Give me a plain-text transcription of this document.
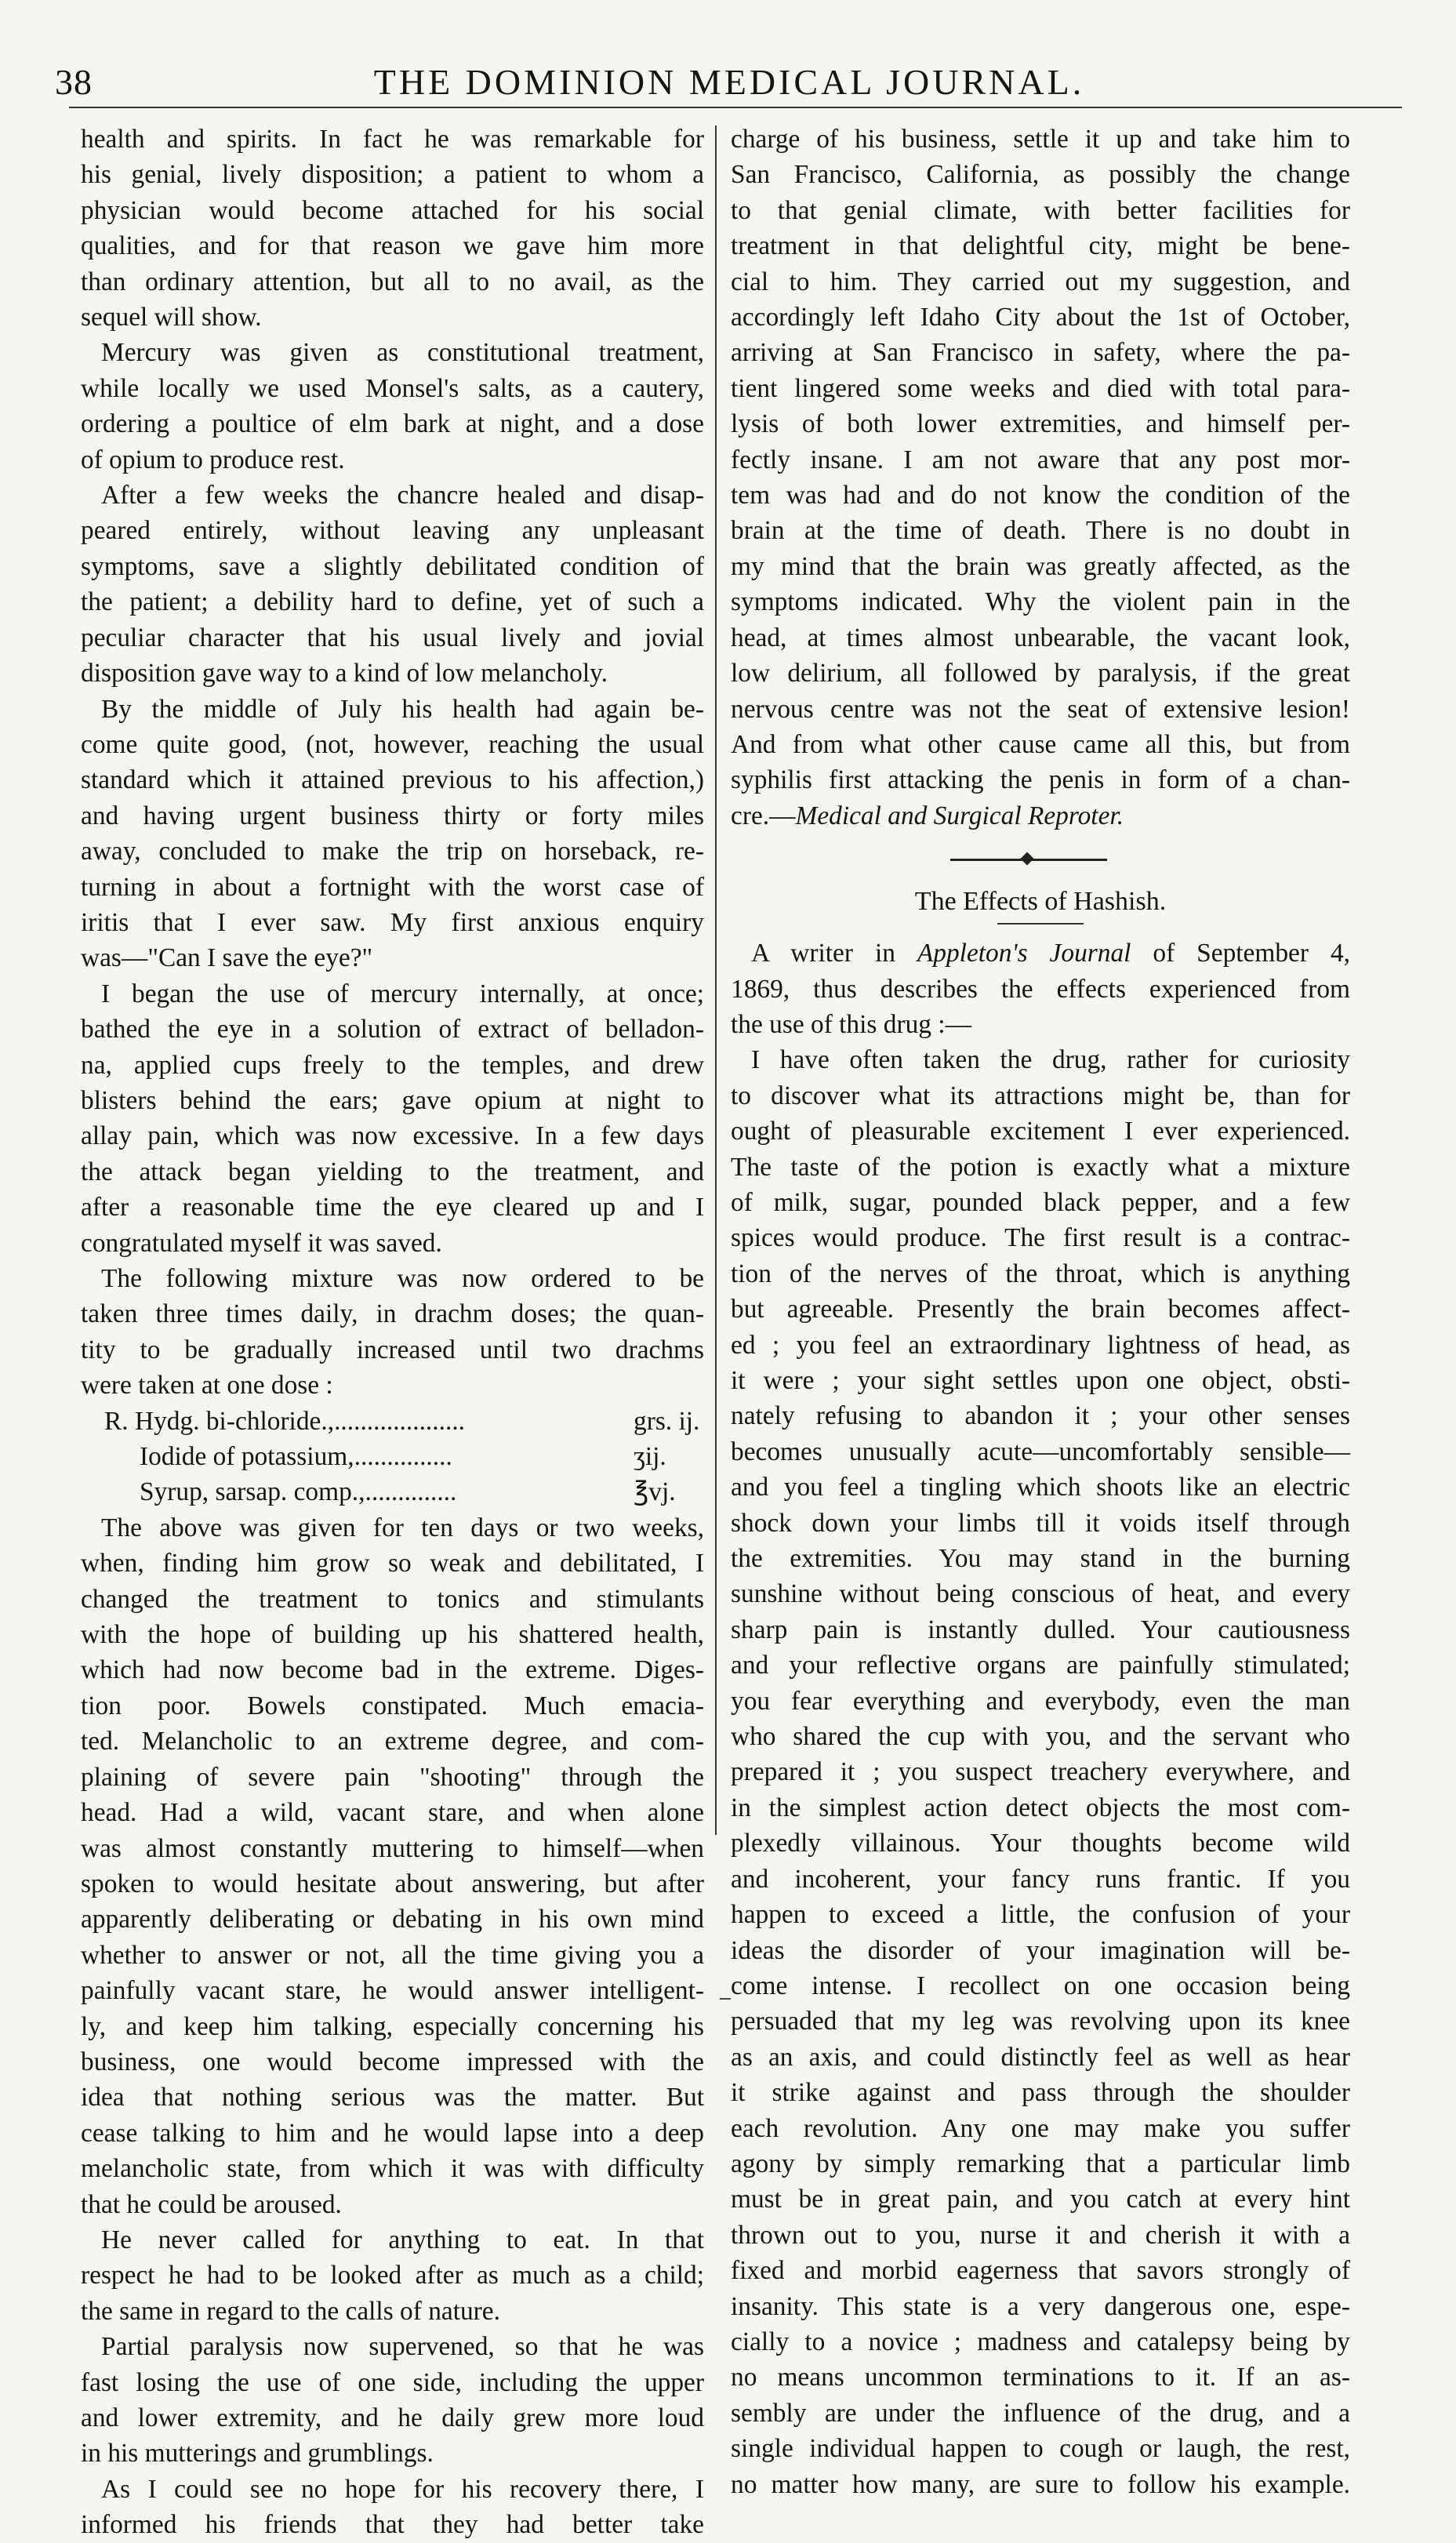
38	THE DOMINION MEDICAL JOURNAL.

health and spirits. In fact he was remarkable for
his genial, lively disposition; a patient to whom a
physician would become attached for his social
qualities, and for that reason we gave him more
than ordinary attention, but all to no avail, as the
sequel will show.

Mercury was given as constitutional treatment,
while locally we used Monsel's salts, as a cautery,
ordering a poultice of elm bark at night, and a dose
of opium to produce rest.

After a few weeks the chancre healed and disap-
peared entirely, without leaving any unpleasant
symptoms, save a slightly debilitated condition of
the patient; a debility hard to define, yet of such a
peculiar character that his usual lively and jovial
disposition gave way to a kind of low melancholy.

By the middle of July his health had again be-
come quite good, (not, however, reaching the usual
standard which it attained previous to his affection,)
and having urgent business thirty or forty miles
away, concluded to make the trip on horseback, re-
turning in about a fortnight with the worst case of
iritis that I ever saw. My first anxious enquiry
was—"Can I save the eye?"

I began the use of mercury internally, at once;
bathed the eye in a solution of extract of belladon-
na, applied cups freely to the temples, and drew
blisters behind the ears; gave opium at night to
allay pain, which was now excessive. In a few days
the attack began yielding to the treatment, and
after a reasonable time the eye cleared up and I
congratulated myself it was saved.

The following mixture was now ordered to be
taken three times daily, in drachm doses; the quan-
tity to be gradually increased until two drachms
were taken at one dose :

R. Hydg. bi-chloride., ....................	grs. ij.
Iodide of potassium, ...............	ʒij.
Syrup, sarsap. comp., ..............	℥vj.

The above was given for ten days or two weeks,
when, finding him grow so weak and debilitated, I
changed the treatment to tonics and stimulants
with the hope of building up his shattered health,
which had now become bad in the extreme. Diges-
tion poor. Bowels constipated. Much emacia-
ted. Melancholic to an extreme degree, and com-
plaining of severe pain "shooting" through the
head. Had a wild, vacant stare, and when alone
was almost constantly muttering to himself—when
spoken to would hesitate about answering, but after
apparently deliberating or debating in his own mind
whether to answer or not, all the time giving you a
painfully vacant stare, he would answer intelligent-
ly, and keep him talking, especially concerning his
business, one would become impressed with the
idea that nothing serious was the matter. But
cease talking to him and he would lapse into a deep
melancholic state, from which it was with difficulty
that he could be aroused.

He never called for anything to eat. In that
respect he had to be looked after as much as a child;
the same in regard to the calls of nature.

Partial paralysis now supervened, so that he was
fast losing the use of one side, including the upper
and lower extremity, and he daily grew more loud
in his mutterings and grumblings.

As I could see no hope for his recovery there, I
informed his friends that they had better take

charge of his business, settle it up and take him to
San Francisco, California, as possibly the change
to that genial climate, with better facilities for
treatment in that delightful city, might be bene-
cial to him. They carried out my suggestion, and
accordingly left Idaho City about the 1st of October,
arriving at San Francisco in safety, where the pa-
tient lingered some weeks and died with total para-
lysis of both lower extremities, and himself per-
fectly insane. I am not aware that any post mor-
tem was had and do not know the condition of the
brain at the time of death. There is no doubt in
my mind that the brain was greatly affected, as the
symptoms indicated. Why the violent pain in the
head, at times almost unbearable, the vacant look,
low delirium, all followed by paralysis, if the great
nervous centre was not the seat of extensive lesion!
And from what other cause came all this, but from
syphilis first attacking the penis in form of a chan-

cre.—Medical and Surgical Reproter.

The Effects of Hashish.

A writer in Appleton's Journal of September 4,
1869, thus describes the effects experienced from
the use of this drug :—

I have often taken the drug, rather for curiosity
to discover what its attractions might be, than for
ought of pleasurable excitement I ever experienced.
The taste of the potion is exactly what a mixture
of milk, sugar, pounded black pepper, and a few
spices would produce. The first result is a contrac-
tion of the nerves of the throat, which is anything
but agreeable. Presently the brain becomes affect-
ed ; you feel an extraordinary lightness of head, as
it were ; your sight settles upon one object, obsti-
nately refusing to abandon it ; your other senses
becomes unusually acute—uncomfortably sensible—
and you feel a tingling which shoots like an electric
shock down your limbs till it voids itself through
the extremities. You may stand in the burning
sunshine without being conscious of heat, and every
sharp pain is instantly dulled. Your cautiousness
and your reflective organs are painfully stimulated;
you fear everything and everybody, even the man
who shared the cup with you, and the servant who
prepared it ; you suspect treachery everywhere, and
in the simplest action detect objects the most com-
plexedly villainous. Your thoughts become wild
and incoherent, your fancy runs frantic. If you
happen to exceed a little, the confusion of your
ideas the disorder of your imagination will be-
come intense. I recollect on one occasion being
persuaded that my leg was revolving upon its knee
as an axis, and could distinctly feel as well as hear
it strike against and pass through the shoulder
each revolution. Any one may make you suffer
agony by simply remarking that a particular limb
must be in great pain, and you catch at every hint
thrown out to you, nurse it and cherish it with a
fixed and morbid eagerness that savors strongly of
insanity. This state is a very dangerous one, espe-
cially to a novice ; madness and catalepsy being by
no means uncommon terminations to it. If an as-
sembly are under the influence of the drug, and a
single individual happen to cough or laugh, the rest,
no matter how many, are sure to follow his example.
